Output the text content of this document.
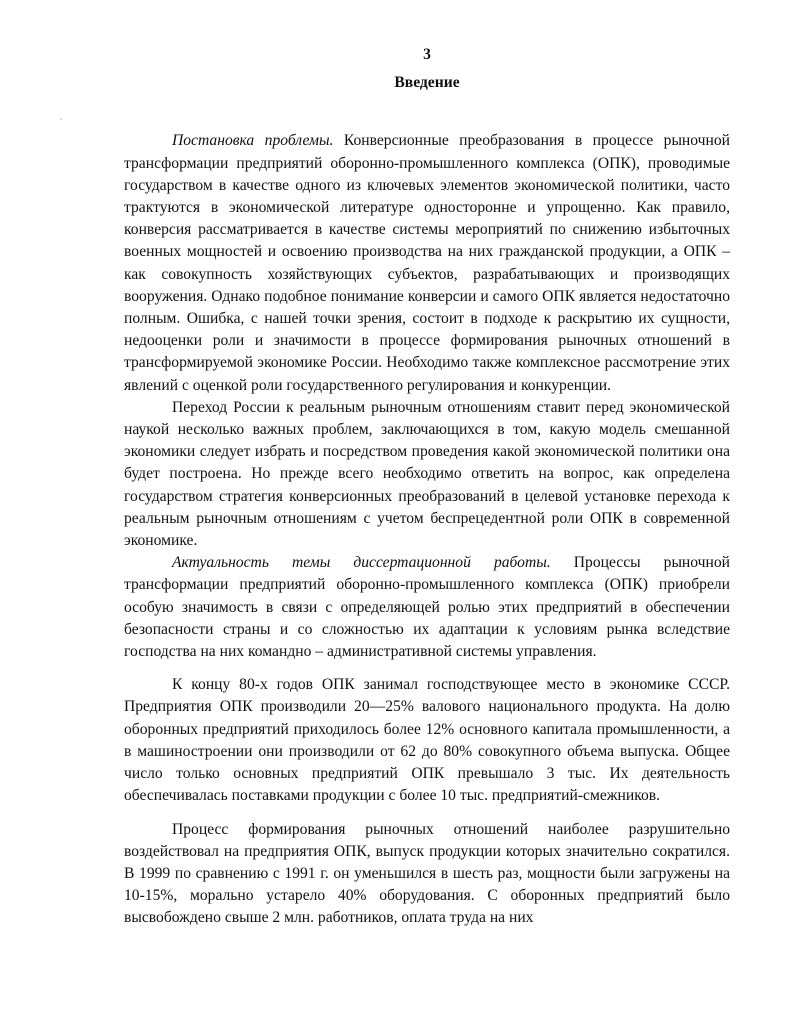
3
Введение

Постановка проблемы. Конверсионные преобразования в процессе рыночной трансформации предприятий оборонно-промышленного комплекса (ОПК), проводимые государством в качестве одного из ключевых элементов экономической политики, часто трактуются в экономической литературе односторонне и упрощенно. Как правило, конверсия рассматривается в качестве системы мероприятий по снижению избыточных военных мощностей и освоению производства на них гражданской продукции, а ОПК – как совокупность хозяйствующих субъектов, разрабатывающих и производящих вооружения. Однако подобное понимание конверсии и самого ОПК является недостаточно полным. Ошибка, с нашей точки зрения, состоит в подходе к раскрытию их сущности, недооценки роли и значимости в процессе формирования рыночных отношений в трансформируемой экономике России. Необходимо также комплексное рассмотрение этих явлений с оценкой роли государственного регулирования и конкуренции.

Переход России к реальным рыночным отношениям ставит перед экономической наукой несколько важных проблем, заключающихся в том, какую модель смешанной экономики следует избрать и посредством проведения какой экономической политики она будет построена. Но прежде всего необходимо ответить на вопрос, как определена государством стратегия конверсионных преобразований в целевой установке перехода к реальным рыночным отношениям с учетом беспрецедентной роли ОПК в современной экономике.

Актуальность темы диссертационной работы. Процессы рыночной трансформации предприятий оборонно-промышленного комплекса (ОПК) приобрели особую значимость в связи с определяющей ролью этих предприятий в обеспечении безопасности страны и со сложностью их адаптации к условиям рынка вследствие господства на них командно – административной системы управления.

К концу 80-х годов ОПК занимал господствующее место в экономике СССР. Предприятия ОПК производили 20—25% валового национального продукта. На долю оборонных предприятий приходилось более 12% основного капитала промышленности, а в машиностроении они производили от 62 до 80% совокупного объема выпуска. Общее число только основных предприятий ОПК превышало 3 тыс. Их деятельность обеспечивалась поставками продукции с более 10 тыс. предприятий-смежников.

Процесс формирования рыночных отношений наиболее разрушительно воздействовал на предприятия ОПК, выпуск продукции которых значительно сократился. В 1999 по сравнению с 1991 г. он уменьшился в шесть раз, мощности были загружены на 10-15%, морально устарело 40% оборудования. С оборонных предприятий было высвобождено свыше 2 млн. работников, оплата труда на них
